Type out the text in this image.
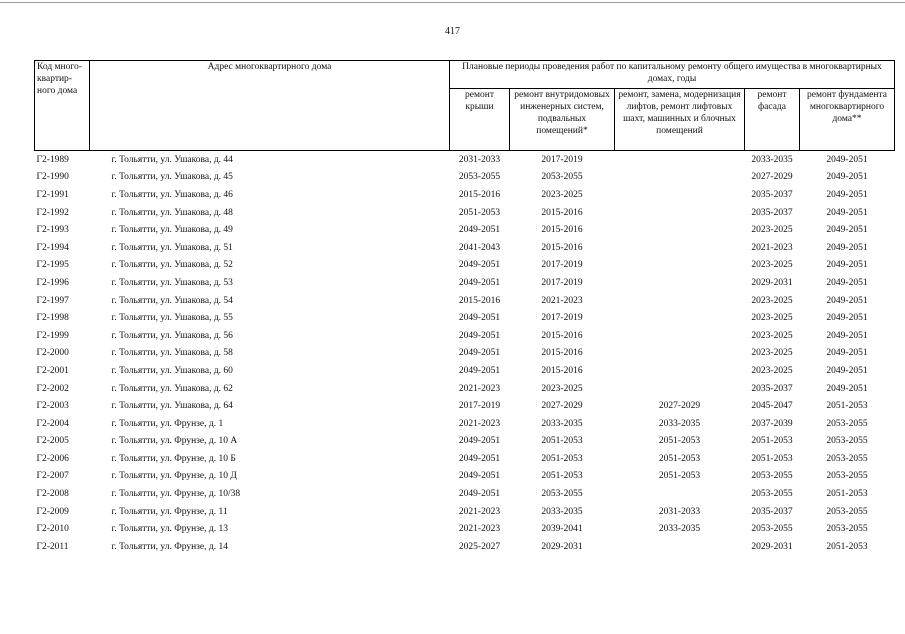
417
Код много-квартир-ного дома	Адрес многоквартирного дома	Плановые периоды проведения работ по капитальному ремонту общего имущества в многоквартирных домах, годы				
		ремонт крыши	ремонт внутридомовых инженерных систем, подвальных помещений*	ремонт, замена, модернизация лифтов, ремонт лифтовых шахт, машинных и блочных помещений	ремонт фасада	ремонт фундамента многоквартирного дома**
Г2-1989	г. Тольятти, ул. Ушакова, д. 44	2031-2033	2017-2019		2033-2035	2049-2051
Г2-1990	г. Тольятти, ул. Ушакова, д. 45	2053-2055	2053-2055		2027-2029	2049-2051
Г2-1991	г. Тольятти, ул. Ушакова, д. 46	2015-2016	2023-2025		2035-2037	2049-2051
Г2-1992	г. Тольятти, ул. Ушакова, д. 48	2051-2053	2015-2016		2035-2037	2049-2051
Г2-1993	г. Тольятти, ул. Ушакова, д. 49	2049-2051	2015-2016		2023-2025	2049-2051
Г2-1994	г. Тольятти, ул. Ушакова, д. 51	2041-2043	2015-2016		2021-2023	2049-2051
Г2-1995	г. Тольятти, ул. Ушакова, д. 52	2049-2051	2017-2019		2023-2025	2049-2051
Г2-1996	г. Тольятти, ул. Ушакова, д. 53	2049-2051	2017-2019		2029-2031	2049-2051
Г2-1997	г. Тольятти, ул. Ушакова, д. 54	2015-2016	2021-2023		2023-2025	2049-2051
Г2-1998	г. Тольятти, ул. Ушакова, д. 55	2049-2051	2017-2019		2023-2025	2049-2051
Г2-1999	г. Тольятти, ул. Ушакова, д. 56	2049-2051	2015-2016		2023-2025	2049-2051
Г2-2000	г. Тольятти, ул. Ушакова, д. 58	2049-2051	2015-2016		2023-2025	2049-2051
Г2-2001	г. Тольятти, ул. Ушакова, д. 60	2049-2051	2015-2016		2023-2025	2049-2051
Г2-2002	г. Тольятти, ул. Ушакова, д. 62	2021-2023	2023-2025		2035-2037	2049-2051
Г2-2003	г. Тольятти, ул. Ушакова, д. 64	2017-2019	2027-2029	2027-2029	2045-2047	2051-2053
Г2-2004	г. Тольятти, ул. Фрунзе, д. 1	2021-2023	2033-2035	2033-2035	2037-2039	2053-2055
Г2-2005	г. Тольятти, ул. Фрунзе, д. 10 А	2049-2051	2051-2053	2051-2053	2051-2053	2053-2055
Г2-2006	г. Тольятти, ул. Фрунзе, д. 10 Б	2049-2051	2051-2053	2051-2053	2051-2053	2053-2055
Г2-2007	г. Тольятти, ул. Фрунзе, д. 10 Д	2049-2051	2051-2053	2051-2053	2053-2055	2053-2055
Г2-2008	г. Тольятти, ул. Фрунзе, д. 10/38	2049-2051	2053-2055		2053-2055	2051-2053
Г2-2009	г. Тольятти, ул. Фрунзе, д. 11	2021-2023	2033-2035	2031-2033	2035-2037	2053-2055
Г2-2010	г. Тольятти, ул. Фрунзе, д. 13	2021-2023	2039-2041	2033-2035	2053-2055	2053-2055
Г2-2011	г. Тольятти, ул. Фрунзе, д. 14	2025-2027	2029-2031		2029-2031	2051-2053
